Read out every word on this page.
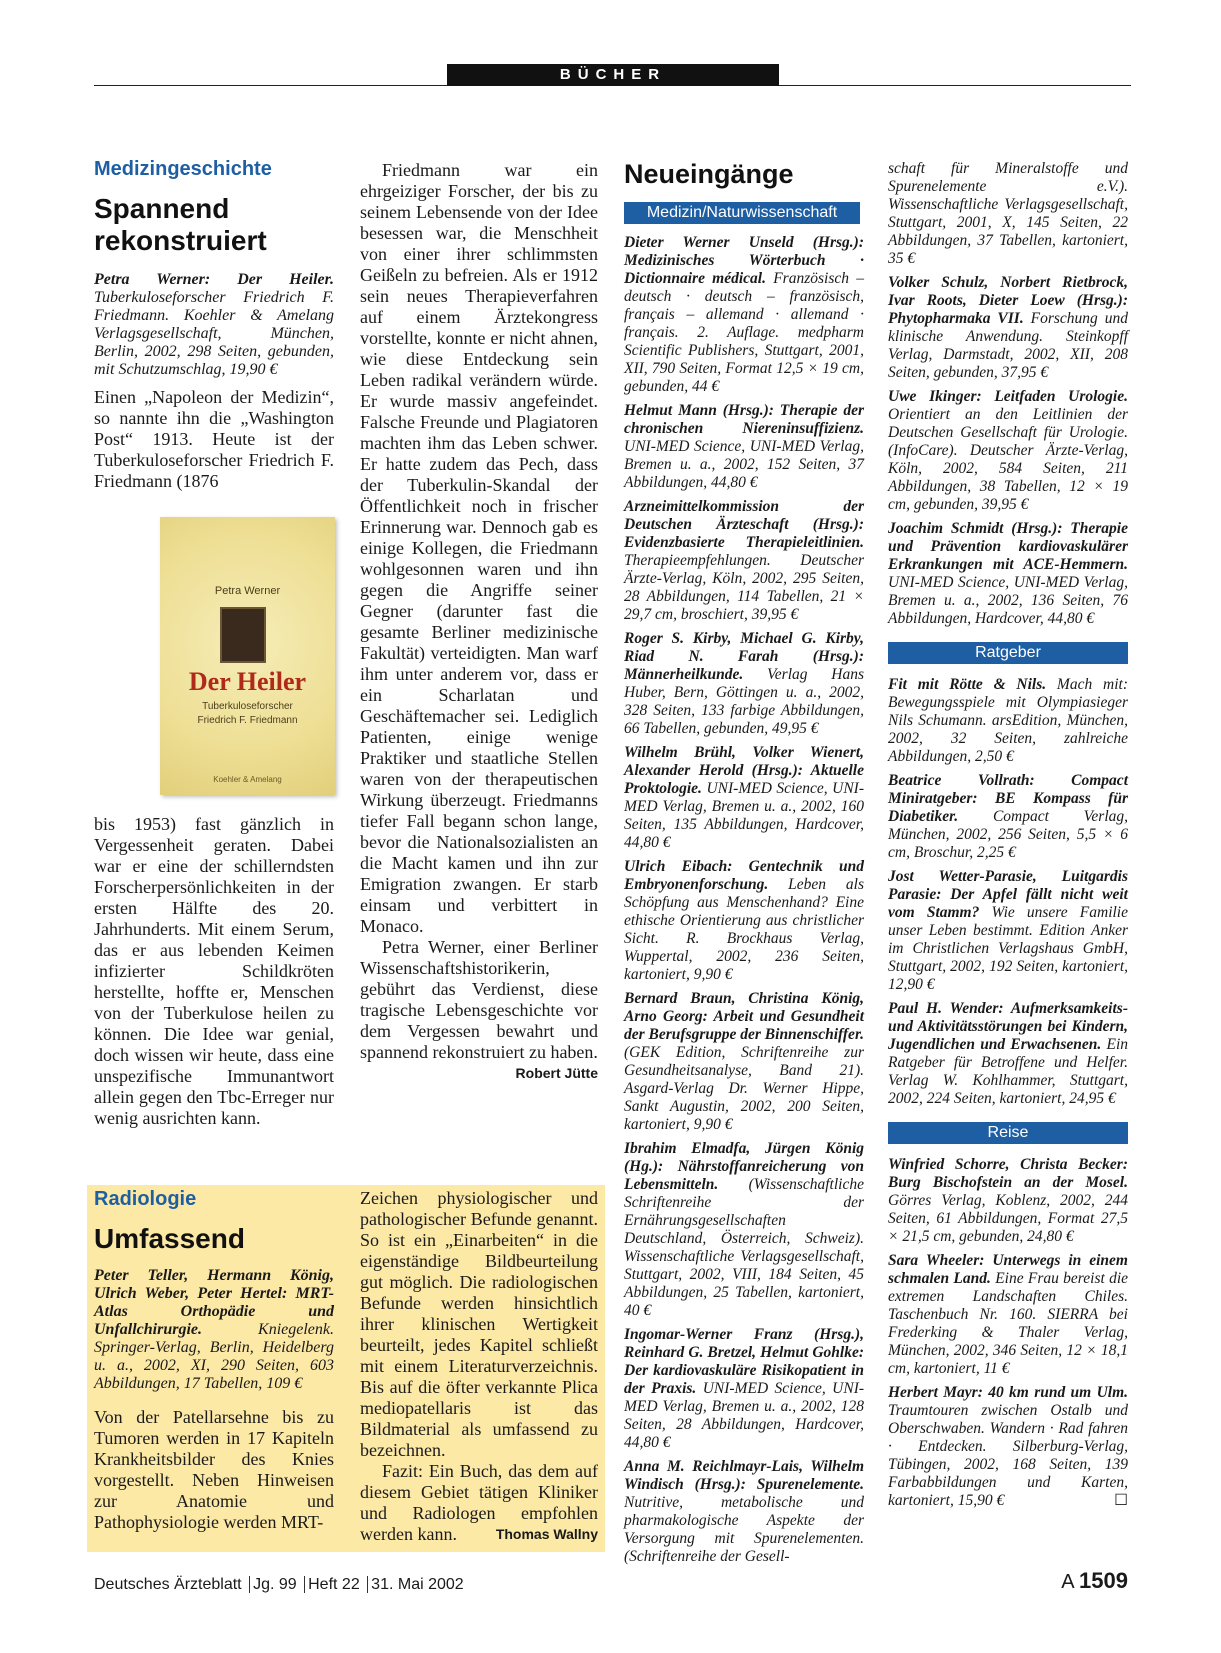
BÜCHER
Medizingeschichte
Spannend rekonstruiert
Petra Werner: Der Heiler. Tuberkuloseforscher Friedrich F. Friedmann. Koehler & Amelang Verlagsgesellschaft, München, Berlin, 2002, 298 Seiten, gebunden, mit Schutzumschlag, 19,90 €
Einen „Napoleon der Medizin“, so nannte ihn die „Washington Post“ 1913. Heute ist der Tuberkuloseforscher Friedrich F. Friedmann (1876
Petra Werner
Der Heiler
Tuberkuloseforscher
Friedrich F. Friedmann
Koehler & Amelang
bis 1953) fast gänzlich in Vergessenheit geraten. Dabei war er eine der schillerndsten Forscherpersönlichkeiten in der ersten Hälfte des 20. Jahrhunderts. Mit einem Serum, das er aus lebenden Keimen infizierter Schildkröten herstellte, hoffte er, Menschen von der Tuberkulose heilen zu können. Die Idee war genial, doch wissen wir heute, dass eine unspezifische Immunantwort allein gegen den Tbc-Erreger nur wenig ausrichten kann.

Friedmann war ein ehrgeiziger Forscher, der bis zu seinem Lebensende von der Idee besessen war, die Menschheit von einer ihrer schlimmsten Geißeln zu befreien. Als er 1912 sein neues Therapieverfahren auf einem Ärztekongress vorstellte, konnte er nicht ahnen, wie diese Entdeckung sein Leben radikal verändern würde. Er wurde massiv angefeindet. Falsche Freunde und Plagiatoren machten ihm das Leben schwer. Er hatte zudem das Pech, dass der Tuberkulin-Skandal der Öffentlichkeit noch in frischer Erinnerung war. Dennoch gab es einige Kollegen, die Friedmann wohlgesonnen waren und ihn gegen die Angriffe seiner Gegner (darunter fast die gesamte Berliner medizinische Fakultät) verteidigten. Man warf ihm unter anderem vor, dass er ein Scharlatan und Geschäftemacher sei. Lediglich Patienten, einige wenige Praktiker und staatliche Stellen waren von der therapeutischen Wirkung überzeugt. Friedmanns tiefer Fall begann schon lange, bevor die Nationalsozialisten an die Macht kamen und ihn zur Emigration zwangen. Er starb einsam und verbittert in Monaco.

Petra Werner, einer Berliner Wissenschaftshistorikerin, gebührt das Verdienst, diese tragische Lebensgeschichte vor dem Vergessen bewahrt und spannend rekonstruiert zu haben.
Robert Jütte

Radiologie
Umfassend
Peter Teller, Hermann König, Ulrich Weber, Peter Hertel: MRT-Atlas Orthopädie und Unfallchirurgie. Kniegelenk. Springer-Verlag, Berlin, Heidelberg u. a., 2002, XI, 290 Seiten, 603 Abbildungen, 17 Tabellen, 109 €
Von der Patellarsehne bis zu Tumoren werden in 17 Kapiteln Krankheitsbilder des Knies vorgestellt. Neben Hinweisen zur Anatomie und Pathophysiologie werden MRT-

Zeichen physiologischer und pathologischer Befunde genannt. So ist ein „Einarbeiten“ in die eigenständige Bildbeurteilung gut möglich. Die radiologischen Befunde werden hinsichtlich ihrer klinischen Wertigkeit beurteilt, jedes Kapitel schließt mit einem Literaturverzeichnis. Bis auf die öfter verkannte Plica mediopatellaris ist das Bildmaterial als umfassend zu bezeichnen.

Fazit: Ein Buch, das dem auf diesem Gebiet tätigen Kliniker und Radiologen empfohlen werden kann.	Thomas Wallny

Neueingänge
Medizin/Naturwissenschaft
Dieter Werner Unseld (Hrsg.): Medizinisches Wörterbuch · Dictionnaire médical. Französisch – deutsch · deutsch – französisch, français – allemand · allemand · français. 2. Auflage. medpharm Scientific Publishers, Stuttgart, 2001, XII, 790 Seiten, Format 12,5 × 19 cm, gebunden, 44 €
Helmut Mann (Hrsg.): Therapie der chronischen Niereninsuffizienz. UNI-MED Science, UNI-MED Verlag, Bremen u. a., 2002, 152 Seiten, 37 Abbildungen, 44,80 €
Arzneimittelkommission der Deutschen Ärzteschaft (Hrsg.): Evidenzbasierte Therapieleitlinien. Therapieempfehlungen. Deutscher Ärzte-Verlag, Köln, 2002, 295 Seiten, 28 Abbildungen, 114 Tabellen, 21 × 29,7 cm, broschiert, 39,95 €
Roger S. Kirby, Michael G. Kirby, Riad N. Farah (Hrsg.): Männerheilkunde. Verlag Hans Huber, Bern, Göttingen u. a., 2002, 328 Seiten, 133 farbige Abbildungen, 66 Tabellen, gebunden, 49,95 €
Wilhelm Brühl, Volker Wienert, Alexander Herold (Hrsg.): Aktuelle Proktologie. UNI-MED Science, UNI-MED Verlag, Bremen u. a., 2002, 160 Seiten, 135 Abbildungen, Hardcover, 44,80 €
Ulrich Eibach: Gentechnik und Embryonenforschung. Leben als Schöpfung aus Menschenhand? Eine ethische Orientierung aus christlicher Sicht. R. Brockhaus Verlag, Wuppertal, 2002, 236 Seiten, kartoniert, 9,90 €
Bernard Braun, Christina König, Arno Georg: Arbeit und Gesundheit der Berufsgruppe der Binnenschiffer. (GEK Edition, Schriftenreihe zur Gesundheitsanalyse, Band 21). Asgard-Verlag Dr. Werner Hippe, Sankt Augustin, 2002, 200 Seiten, kartoniert, 9,90 €
Ibrahim Elmadfa, Jürgen König (Hg.): Nährstoffanreicherung von Lebensmitteln. (Wissenschaftliche Schriftenreihe der Ernährungsgesellschaften Deutschland, Österreich, Schweiz). Wissenschaftliche Verlagsgesellschaft, Stuttgart, 2002, VIII, 184 Seiten, 45 Abbildungen, 25 Tabellen, kartoniert, 40 €
Ingomar-Werner Franz (Hrsg.), Reinhard G. Bretzel, Helmut Gohlke: Der kardiovaskuläre Risikopatient in der Praxis. UNI-MED Science, UNI-MED Verlag, Bremen u. a., 2002, 128 Seiten, 28 Abbildungen, Hardcover, 44,80 €
Anna M. Reichlmayr-Lais, Wilhelm Windisch (Hrsg.): Spurenelemente. Nutritive, metabolische und pharmakologische Aspekte der Versorgung mit Spurenelementen. (Schriftenreihe der Gesell-
schaft für Mineralstoffe und Spurenelemente e.V.). Wissenschaftliche Verlagsgesellschaft, Stuttgart, 2001, X, 145 Seiten, 22 Abbildungen, 37 Tabellen, kartoniert, 35 €
Volker Schulz, Norbert Rietbrock, Ivar Roots, Dieter Loew (Hrsg.): Phytopharmaka VII. Forschung und klinische Anwendung. Steinkopff Verlag, Darmstadt, 2002, XII, 208 Seiten, gebunden, 37,95 €
Uwe Ikinger: Leitfaden Urologie. Orientiert an den Leitlinien der Deutschen Gesellschaft für Urologie. (InfoCare). Deutscher Ärzte-Verlag, Köln, 2002, 584 Seiten, 211 Abbildungen, 38 Tabellen, 12 × 19 cm, gebunden, 39,95 €
Joachim Schmidt (Hrsg.): Therapie und Prävention kardiovaskulärer Erkrankungen mit ACE-Hemmern. UNI-MED Science, UNI-MED Verlag, Bremen u. a., 2002, 136 Seiten, 76 Abbildungen, Hardcover, 44,80 €
Ratgeber
Fit mit Rötte & Nils. Mach mit: Bewegungsspiele mit Olympiasieger Nils Schumann. arsEdition, München, 2002, 32 Seiten, zahlreiche Abbildungen, 2,50 €
Beatrice Vollrath: Compact Miniratgeber: BE Kompass für Diabetiker. Compact Verlag, München, 2002, 256 Seiten, 5,5 × 6 cm, Broschur, 2,25 €
Jost Wetter-Parasie, Luitgardis Parasie: Der Apfel fällt nicht weit vom Stamm? Wie unsere Familie unser Leben bestimmt. Edition Anker im Christlichen Verlagshaus GmbH, Stuttgart, 2002, 192 Seiten, kartoniert, 12,90 €
Paul H. Wender: Aufmerksamkeits- und Aktivitätsstörungen bei Kindern, Jugendlichen und Erwachsenen. Ein Ratgeber für Betroffene und Helfer. Verlag W. Kohlhammer, Stuttgart, 2002, 224 Seiten, kartoniert, 24,95 €
Reise
Winfried Schorre, Christa Becker: Burg Bischofstein an der Mosel. Görres Verlag, Koblenz, 2002, 244 Seiten, 61 Abbildungen, Format 27,5 × 21,5 cm, gebunden, 24,80 €
Sara Wheeler: Unterwegs in einem schmalen Land. Eine Frau bereist die extremen Landschaften Chiles. Taschenbuch Nr. 160. SIERRA bei Frederking & Thaler Verlag, München, 2002, 346 Seiten, 12 × 18,1 cm, kartoniert, 11 €
Herbert Mayr: 40 km rund um Ulm. Traumtouren zwischen Ostalb und Oberschwaben. Wandern · Rad fahren · Entdecken. Silberburg-Verlag, Tübingen, 2002, 168 Seiten, 139 Farbabbildungen und Karten, kartoniert, 15,90 €	☐
Deutsches Ärzteblatt Jg. 99 Heft 22 31. Mai 2002	A 1509
